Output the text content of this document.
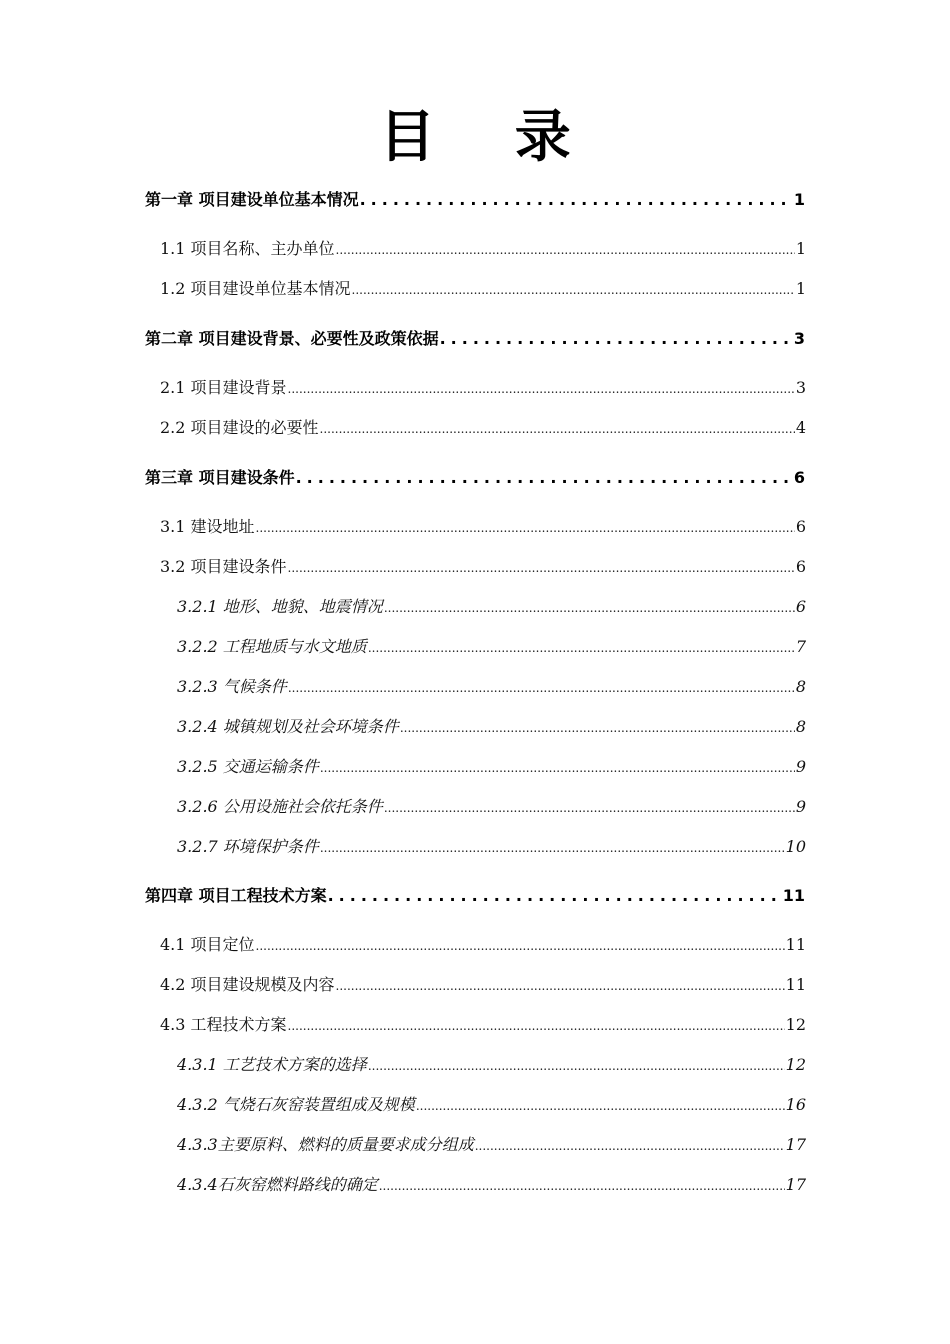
目 录
第一章 项目建设单位基本情况 .....	1
1.1 项目名称、主办单位 .....	1
1.2 项目建设单位基本情况 .....	1
第二章 项目建设背景、必要性及政策依据 .....	3
2.1 项目建设背景 .....	3
2.2 项目建设的必要性 .....	4
第三章 项目建设条件 .....	6
3.1 建设地址 .....	6
3.2 项目建设条件 .....	6
3.2.1 地形、地貌、地震情况 .....	6
3.2.2 工程地质与水文地质 .....	7
3.2.3 气候条件 .....	8
3.2.4 城镇规划及社会环境条件 .....	8
3.2.5 交通运输条件 .....	9
3.2.6 公用设施社会依托条件 .....	9
3.2.7 环境保护条件 .....	10
第四章 项目工程技术方案 .....	11
4.1 项目定位 .....	11
4.2 项目建设规模及内容 .....	11
4.3 工程技术方案 .....	12
4.3.1 工艺技术方案的选择 .....	12
4.3.2 气烧石灰窑装置组成及规模 .....	16
4.3.3主要原料、燃料的质量要求成分组成 .....	17
4.3.4石灰窑燃料路线的确定 .....	17
